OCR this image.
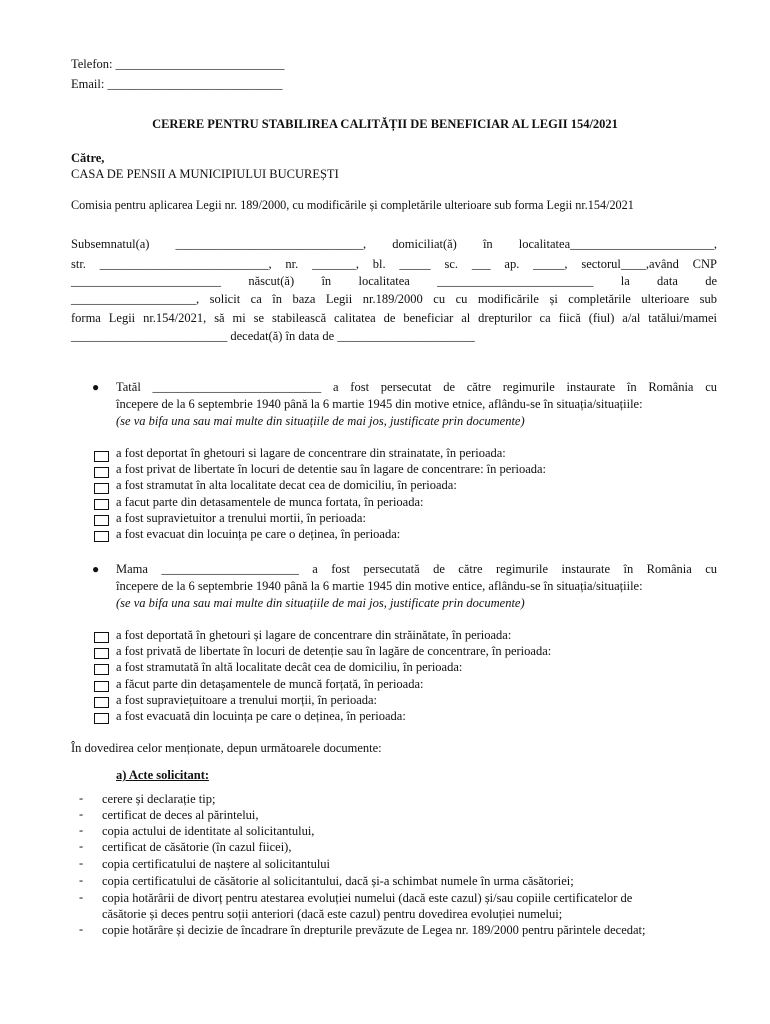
Telefon: ___________________________
Email: ____________________________
CERERE PENTRU STABILIREA CALITĂȚII DE BENEFICIAR AL LEGII 154/2021
Către,
CASA DE PENSII A MUNICIPIULUI BUCUREȘTI
Comisia pentru aplicarea Legii nr. 189/2000, cu modificările și completările ulterioare sub forma Legii nr.154/2021
Subsemnatul(a) ______________________________, domiciliat(ă) în localitatea_______________________,
str. ___________________________, nr. _______, bl. _____ sc. ___ ap. _____, sectorul____,având CNP
________________________ născut(ă) în localitatea _________________________ la data de
____________________, solicit ca în baza Legii nr.189/2000 cu cu modificările și completările ulterioare sub
forma Legii nr.154/2021, să mi se stabilească calitatea de beneficiar al drepturilor ca fiică (fiul) a/al tatălui/mamei
_________________________ decedat(ă) în data de ______________________
● Tatăl ___________________________ a fost persecutat de către regimurile instaurate în România cu
începere de la 6 septembrie 1940 până la 6 martie 1945 din motive etnice, aflându-se în situația/situațiile:
(se va bifa una sau mai multe din situațiile de mai jos, justificate prin documente)
a fost deportat în ghetouri si lagare de concentrare din strainatate, în perioada:
a fost privat de libertate în locuri de detentie sau în lagare de concentrare: în perioada:
a fost stramutat în alta localitate decat cea de domiciliu, în perioada:
a facut parte din detasamentele de munca fortata, în perioada:
a fost supravietuitor a trenului mortii, în perioada:
a fost evacuat din locuința pe care o deținea, în perioada:
● Mama ______________________ a fost persecutată de către regimurile instaurate în România cu
începere de la 6 septembrie 1940 până la 6 martie 1945 din motive entice, aflându-se în situația/situațiile:
(se va bifa una sau mai multe din situațiile de mai jos, justificate prin documente)
a fost deportată în ghetouri și lagare de concentrare din străinătate, în perioada:
a fost privată de libertate în locuri de detenție sau în lagăre de concentrare, în perioada:
a fost stramutată în altă localitate decât cea de domiciliu, în perioada:
a făcut parte din detașamentele de muncă forțată, în perioada:
a fost supraviețuitoare a trenului morții, în perioada:
a fost evacuată din locuința pe care o deținea, în perioada:
În dovedirea celor menționate, depun următoarele documente:
a) Acte solicitant:
- cerere și declarație tip;
- certificat de deces al părintelui,
- copia actului de identitate al solicitantului,
- certificat de căsătorie (în cazul fiicei),
- copia certificatului de naștere al solicitantului
- copia certificatului de căsătorie al solicitantului, dacă și-a schimbat numele în urma căsătoriei;
- copia hotărârii de divorț pentru atestarea evoluției numelui (dacă este cazul) și/sau copiile certificatelor de
căsătorie și deces pentru soții anteriori (dacă este cazul) pentru dovedirea evoluției numelui;
- copie hotărâre și decizie de încadrare în drepturile prevăzute de Legea nr. 189/2000 pentru părintele decedat;
